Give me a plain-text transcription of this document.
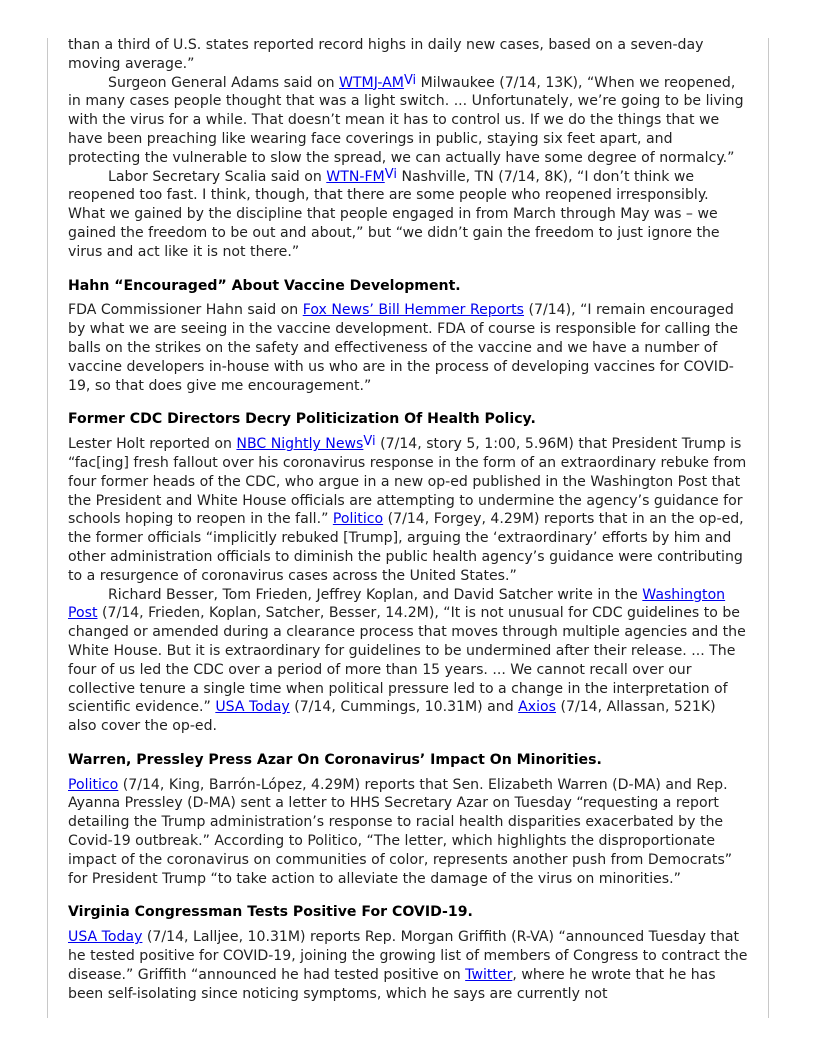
than a third of U.S. states reported record highs in daily new cases, based on a seven-day moving average.”

Surgeon General Adams said on WTMJ-$AM^{Vi}$ Milwaukee (7/14, 13K), “When we reopened, in many cases people thought that was a light switch. ... Unfortunately, we’re going to be living with the virus for a while. That doesn’t mean it has to control us. If we do the things that we have been preaching like wearing face coverings in public, staying six feet apart, and protecting the vulnerable to slow the spread, we can actually have some degree of normalcy.”

Labor Secretary Scalia said on WTN-$FM^{Vi}$ Nashville, TN (7/14, 8K), “I don’t think we reopened too fast. I think, though, that there are some people who reopened irresponsibly. What we gained by the discipline that people engaged in from March through May was – we gained the freedom to be out and about,” but “we didn’t gain the freedom to just ignore the virus and act like it is not there.”

Hahn “Encouraged” About Vaccine Development.

FDA Commissioner Hahn said on Fox News’ Bill Hemmer Reports (7/14), “I remain encouraged by what we are seeing in the vaccine development. FDA of course is responsible for calling the balls on the strikes on the safety and effectiveness of the vaccine and we have a number of vaccine developers in-house with us who are in the process of developing vaccines for COVID-19, so that does give me encouragement.”

Former CDC Directors Decry Politicization Of Health Policy.

Lester Holt reported on NBC Nightly News$^{Vi}$ (7/14, story 5, 1:00, 5.96M) that President Trump is “fac[ing] fresh fallout over his coronavirus response in the form of an extraordinary rebuke from four former heads of the CDC, who argue in a new op-ed published in the Washington Post that the President and White House officials are attempting to undermine the agency’s guidance for schools hoping to reopen in the fall.” Politico (7/14, Forgey, 4.29M) reports that in an the op-ed, the former officials “implicitly rebuked [Trump], arguing the ‘extraordinary’ efforts by him and other administration officials to diminish the public health agency’s guidance were contributing to a resurgence of coronavirus cases across the United States.”

Richard Besser, Tom Frieden, Jeffrey Koplan, and David Satcher write in the Washington Post (7/14, Frieden, Koplan, Satcher, Besser, 14.2M), “It is not unusual for CDC guidelines to be changed or amended during a clearance process that moves through multiple agencies and the White House. But it is extraordinary for guidelines to be undermined after their release. ... The four of us led the CDC over a period of more than 15 years. ... We cannot recall over our collective tenure a single time when political pressure led to a change in the interpretation of scientific evidence.” USA Today (7/14, Cummings, 10.31M) and Axios (7/14, Allassan, 521K) also cover the op-ed.

Warren, Pressley Press Azar On Coronavirus’ Impact On Minorities.

Politico (7/14, King, Barrón-López, 4.29M) reports that Sen. Elizabeth Warren (D-MA) and Rep. Ayanna Pressley (D-MA) sent a letter to HHS Secretary Azar on Tuesday “requesting a report detailing the Trump administration’s response to racial health disparities exacerbated by the Covid-19 outbreak.” According to Politico, “The letter, which highlights the disproportionate impact of the coronavirus on communities of color, represents another push from Democrats” for President Trump “to take action to alleviate the damage of the virus on minorities.”

Virginia Congressman Tests Positive For COVID-19.

USA Today (7/14, Lalljee, 10.31M) reports Rep. Morgan Griffith (R-VA) “announced Tuesday that he tested positive for COVID-19, joining the growing list of members of Congress to contract the disease.” Griffith “announced he had tested positive on Twitter, where he wrote that he has been self-isolating since noticing symptoms, which he says are currently not
